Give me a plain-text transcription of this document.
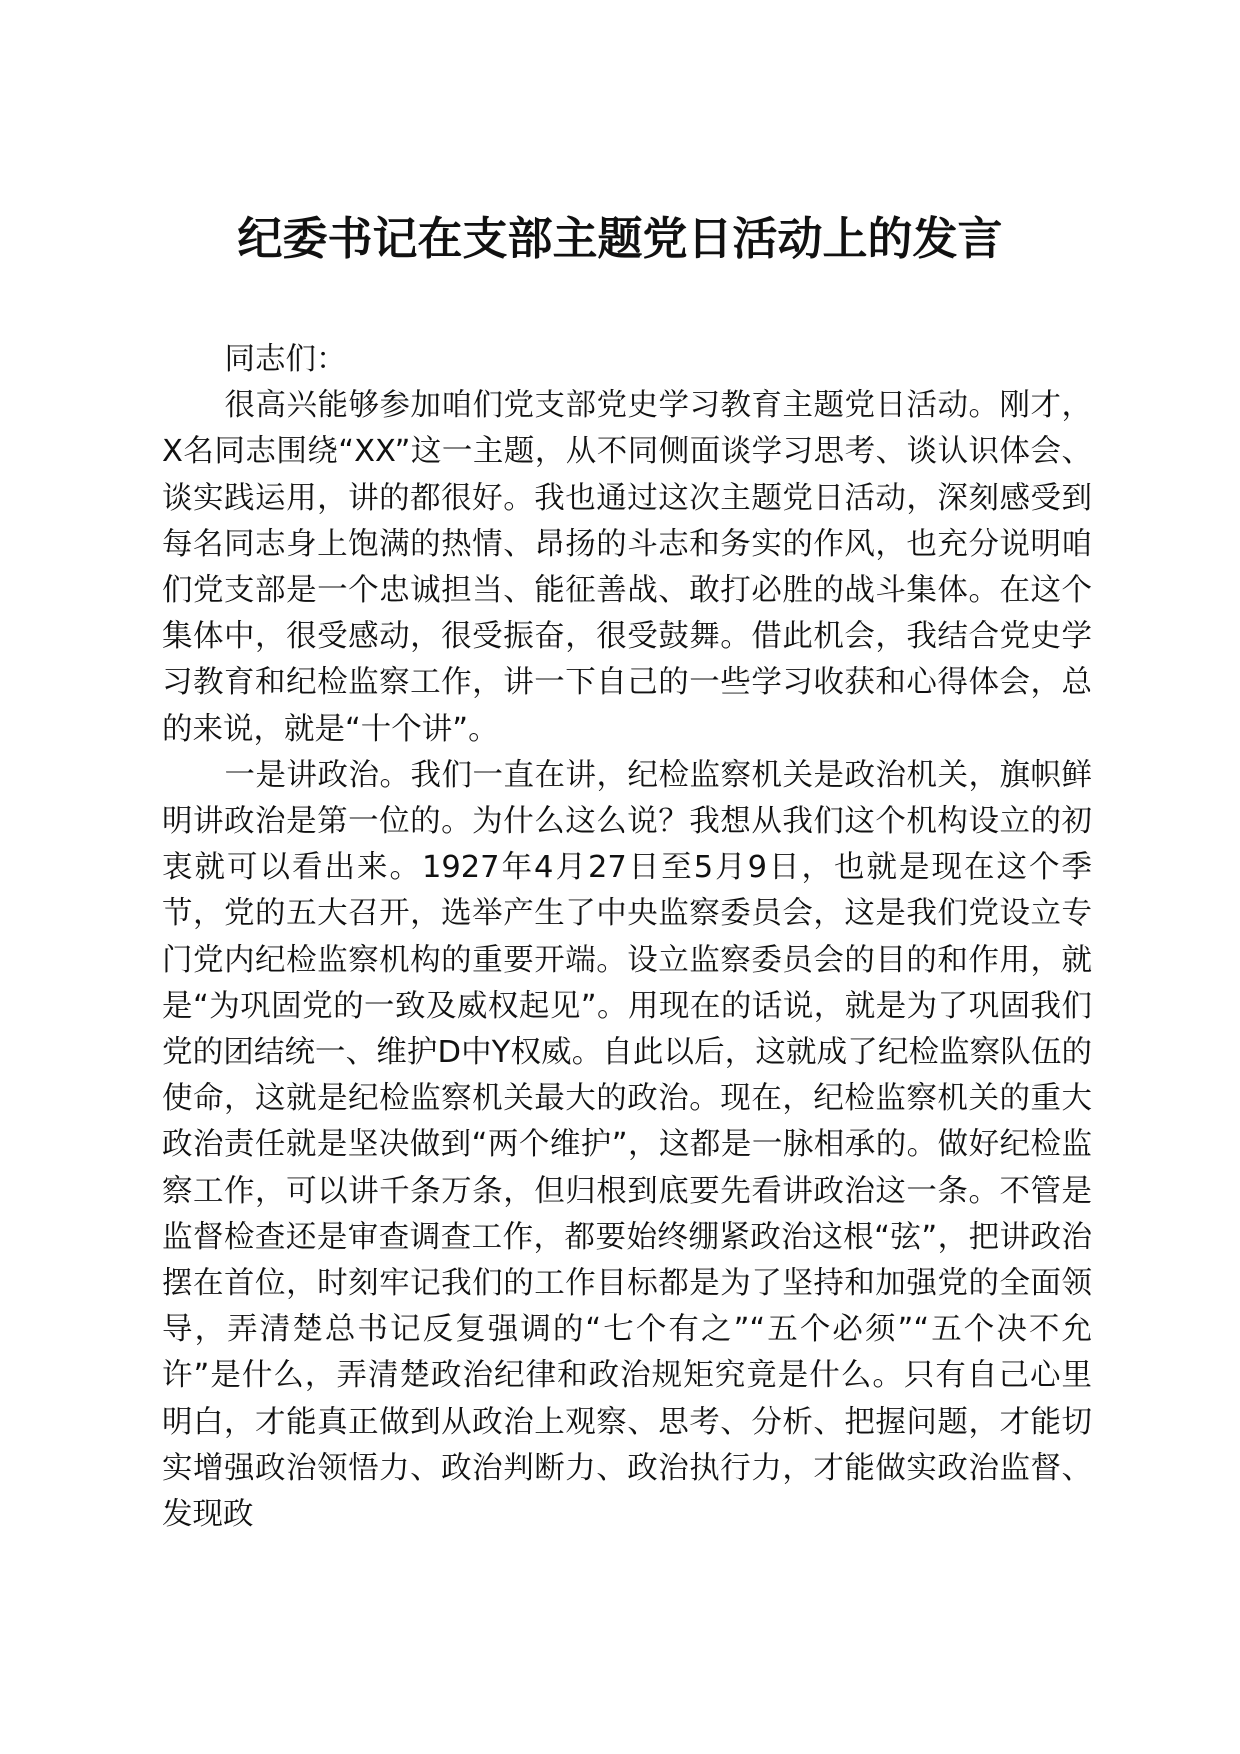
纪委书记在支部主题党日活动上的发言

同志们：

很高兴能够参加咱们党支部党史学习教育主题党日活动。刚才，X名同志围绕“XX”这一主题，从不同侧面谈学习思考、谈认识体会、谈实践运用，讲的都很好。我也通过这次主题党日活动，深刻感受到每名同志身上饱满的热情、昂扬的斗志和务实的作风，也充分说明咱们党支部是一个忠诚担当、能征善战、敢打必胜的战斗集体。在这个集体中，很受感动，很受振奋，很受鼓舞。借此机会，我结合党史学习教育和纪检监察工作，讲一下自己的一些学习收获和心得体会，总的来说，就是“十个讲”。

一是讲政治。我们一直在讲，纪检监察机关是政治机关，旗帜鲜明讲政治是第一位的。为什么这么说？我想从我们这个机构设立的初衷就可以看出来。1927年4月27日至5月9日，也就是现在这个季节，党的五大召开，选举产生了中央监察委员会，这是我们党设立专门党内纪检监察机构的重要开端。设立监察委员会的目的和作用，就是“为巩固党的一致及威权起见”。用现在的话说，就是为了巩固我们党的团结统一、维护D中Y权威。自此以后，这就成了纪检监察队伍的使命，这就是纪检监察机关最大的政治。现在，纪检监察机关的重大政治责任就是坚决做到“两个维护”，这都是一脉相承的。做好纪检监察工作，可以讲千条万条，但归根到底要先看讲政治这一条。不管是监督检查还是审查调查工作，都要始终绷紧政治这根“弦”，把讲政治摆在首位，时刻牢记我们的工作目标都是为了坚持和加强党的全面领导，弄清楚总书记反复强调的“七个有之”“五个必须”“五个决不允许”是什么，弄清楚政治纪律和政治规矩究竟是什么。只有自己心里明白，才能真正做到从政治上观察、思考、分析、把握问题，才能切实增强政治领悟力、政治判断力、政治执行力，才能做实政治监督、发现政
